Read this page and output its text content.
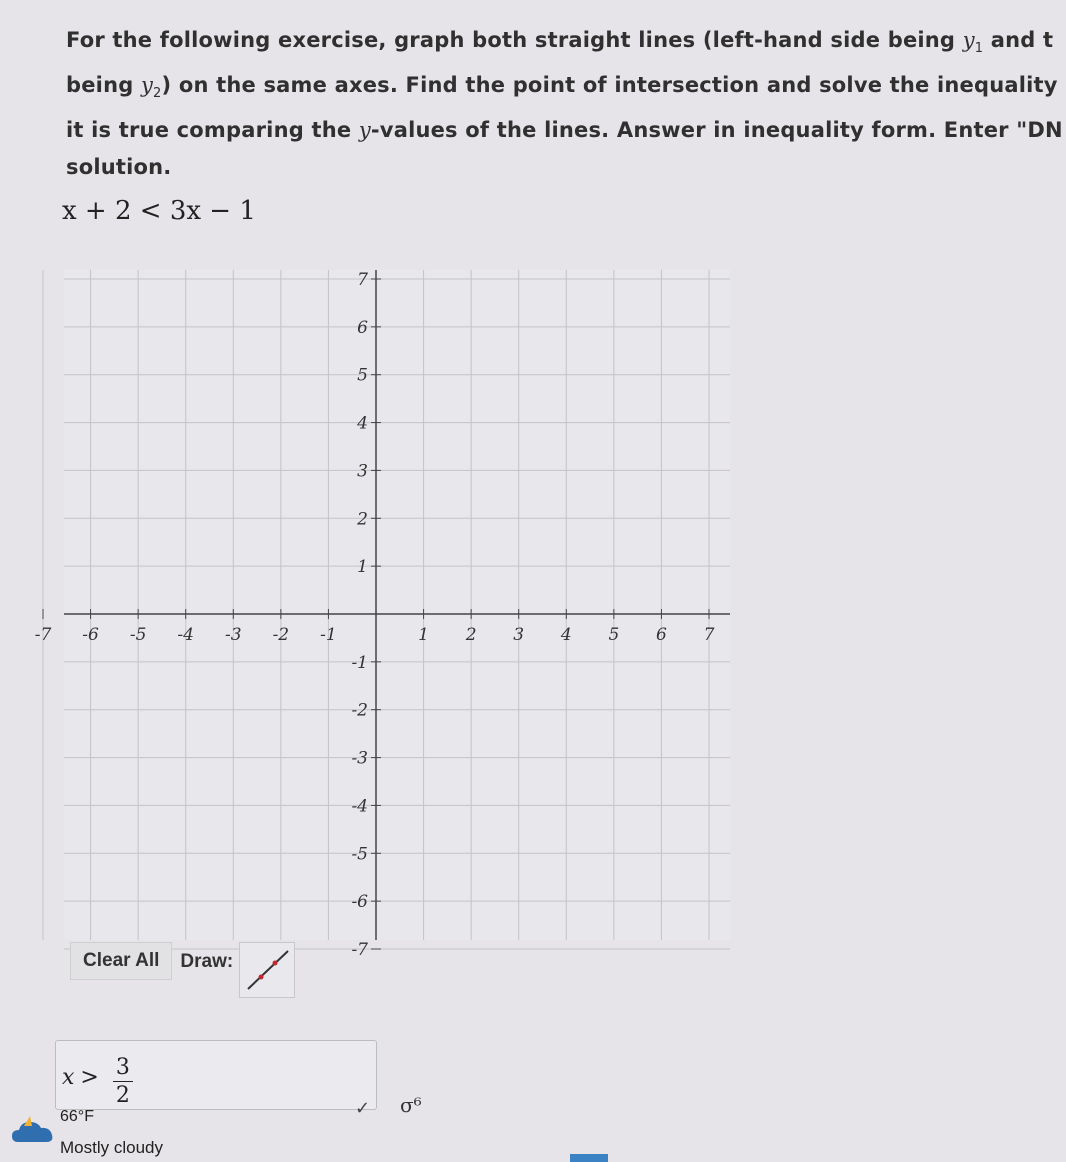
For the following exercise, graph both straight lines (left-hand side being $y_1$ and t
being $y_2$) on the same axes. Find the point of intersection and solve the inequality
it is true comparing the y-values of the lines. Answer in inequality form. Enter "DN
solution.
x + 2 < 3x − 1
-7 -6 -5 -4 -3 -2 -1	1 2 3 4 5 6 7
7
6
5
4
3
2
1
-1
-2
-3
-4
-5
-6
-7
Clear All	Draw:
$x > \frac{3}{2}$
✓ σ⁶
66°F
Mostly cloudy
